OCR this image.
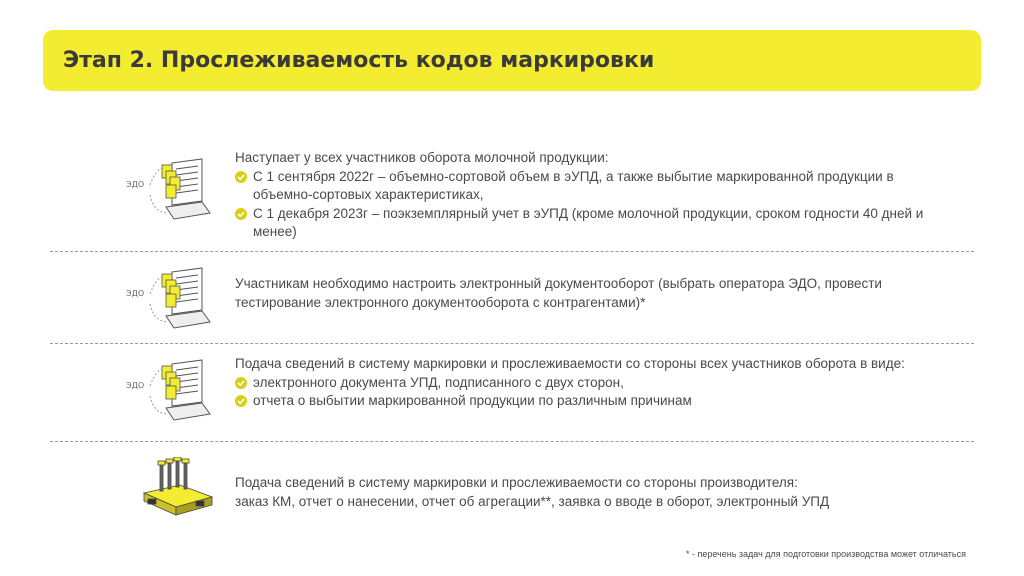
Этап 2. Прослеживаемость кодов маркировки
ЭДО

Наступает у всех участников оборота молочной продукции:

С 1 сентября 2022г – объемно-сортовой объем в эУПД, а также выбытие маркированной продукции в объемно-сортовых характеристиках,

С 1 декабря 2023г – поэкземплярный учет в эУПД (кроме молочной продукции, сроком годности 40 дней и менее)

ЭДО

Участникам необходимо настроить электронный документооборот (выбрать оператора ЭДО, провести тестирование электронного документооборота с контрагентами)*

ЭДО

Подача сведений в систему маркировки и прослеживаемости со стороны всех участников оборота в виде:

электронного документа УПД, подписанного с двух сторон,

отчета о выбытии маркированной продукции по различным причинам

Подача сведений в систему маркировки и прослеживаемости со стороны производителя:

заказ КМ, отчет о нанесении, отчет об агрегации**, заявка о вводе в оборот, электронный УПД

* - перечень задач для подготовки производства может отличаться
